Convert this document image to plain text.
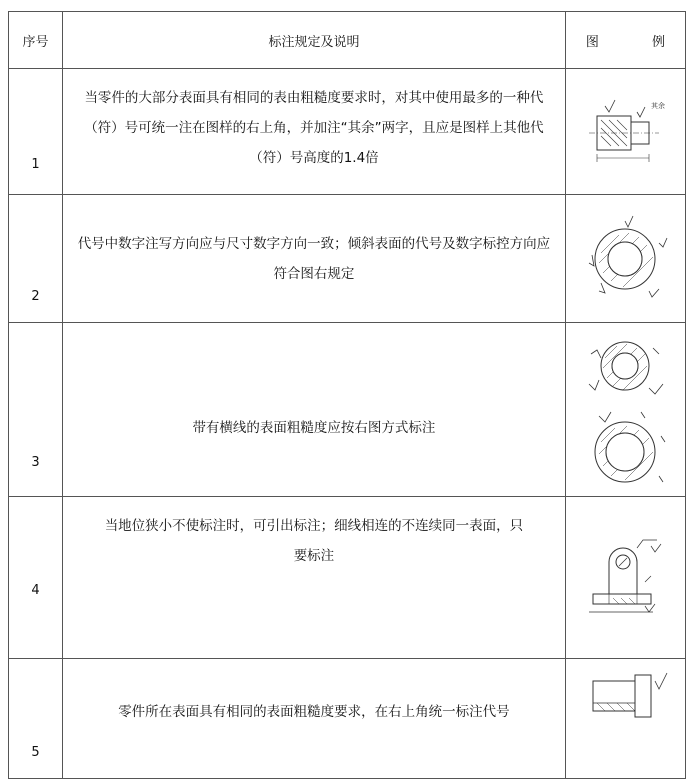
序号	标注规定及说明	图 例

1	当零件的大部分表面具有相同的表由粗糙度要求时，对其中使用最多的一种代（符）号可统一注在图样的右上角，并加注“其余”两字，且应是图样上其他代（符）号高度的1.4倍	其余

2	代号中数字注写方向应与尺寸数字方向一致；倾斜表面的代号及数字标控方向应符合图右规定	

3	带有横线的表面粗糙度应按右图方式标注	

4	当地位狭小不使标注时，可引出标注；细线相连的不连续同一表面，只要标注	

5	零件所在表面具有相同的表面粗糙度要求，在右上角统一标注代号	
